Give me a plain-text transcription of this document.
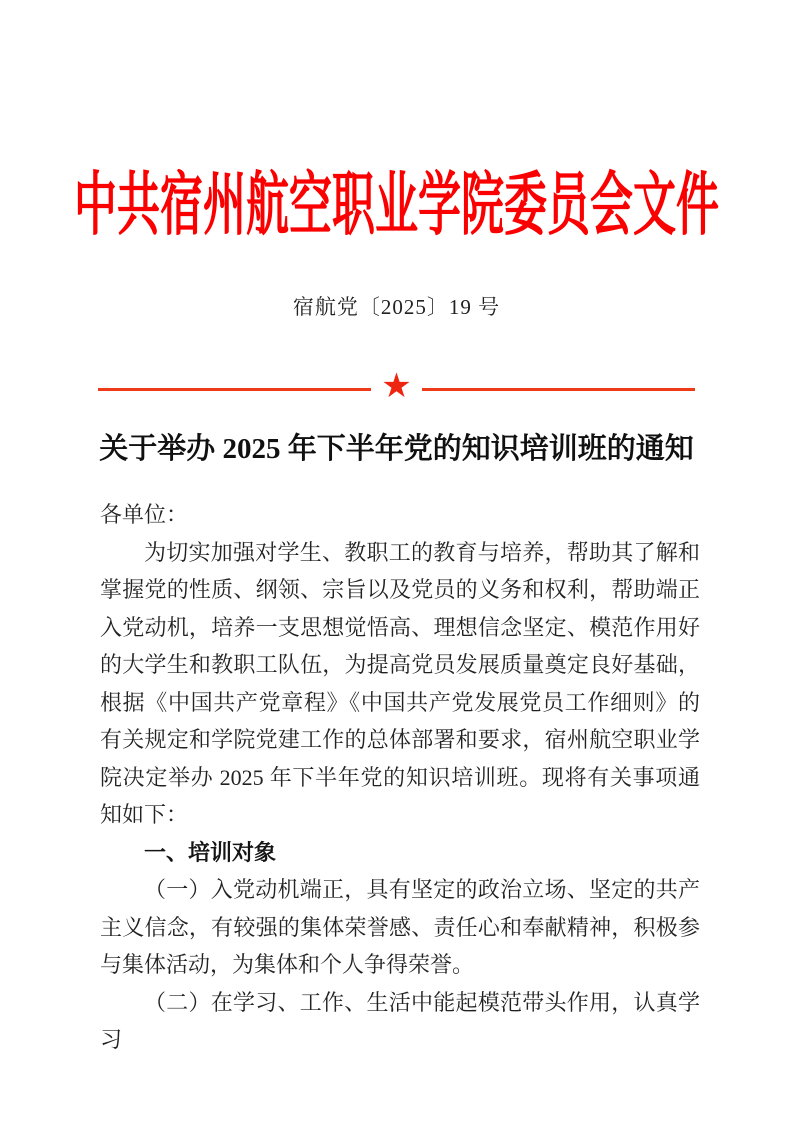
中共宿州航空职业学院委员会文件
宿航党〔2025〕19 号
★
关于举办 2025 年下半年党的知识培训班的通知

各单位：

为切实加强对学生、教职工的教育与培养，帮助其了解和掌握党的性质、纲领、宗旨以及党员的义务和权利，帮助端正入党动机，培养一支思想觉悟高、理想信念坚定、模范作用好的大学生和教职工队伍，为提高党员发展质量奠定良好基础，根据《中国共产党章程》《中国共产党发展党员工作细则》的有关规定和学院党建工作的总体部署和要求，宿州航空职业学院决定举办 2025 年下半年党的知识培训班。现将有关事项通知如下：

一、培训对象

（一）入党动机端正，具有坚定的政治立场、坚定的共产主义信念，有较强的集体荣誉感、责任心和奉献精神，积极参与集体活动，为集体和个人争得荣誉。

（二）在学习、工作、生活中能起模范带头作用，认真学习
